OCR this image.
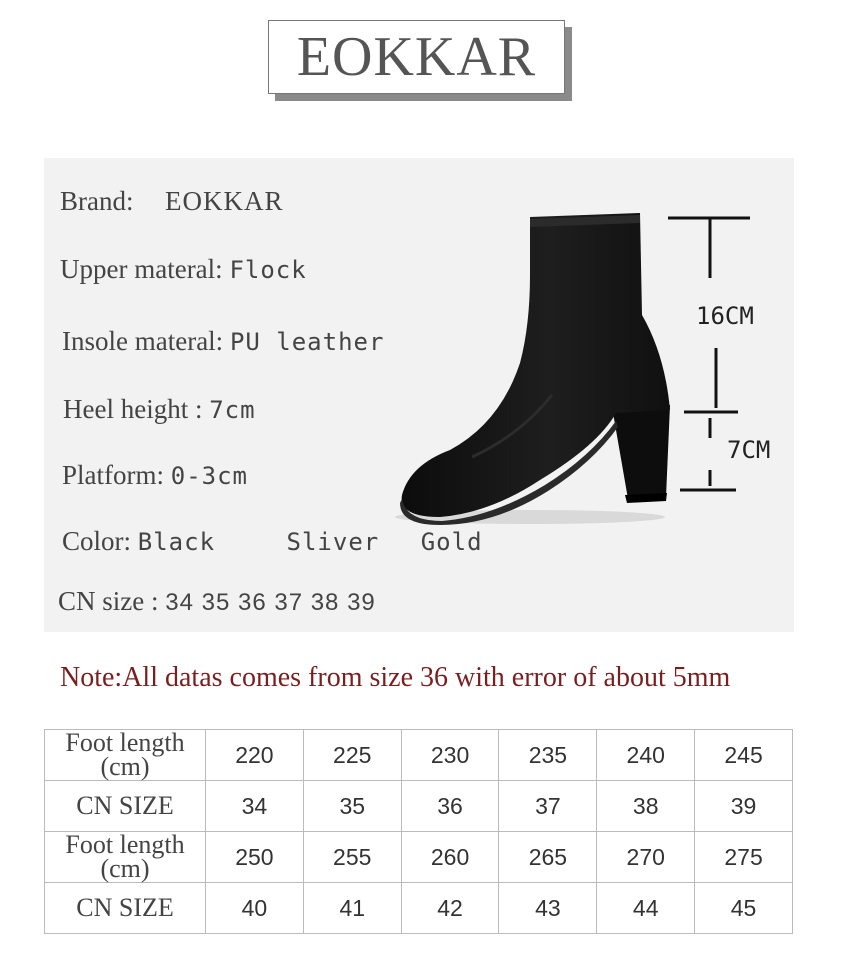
EOKKAR
Brand: EOKKAR
Upper materal: Flock
Insole materal: PU leather
Heel height : 7cm
Platform: 0-3cm
Color: Black	Sliver Gold
CN size : 34 35 36 37 38 39
16CM
7CM
Note:All datas comes from size 36 with error of about 5mm
Foot length
(cm)	220	225	230	235	240	245
CN SIZE	34	35	36	37	38	39

Foot length
(cm)	250	255	260	265	270	275
CN SIZE	40	41	42	43	44	45
